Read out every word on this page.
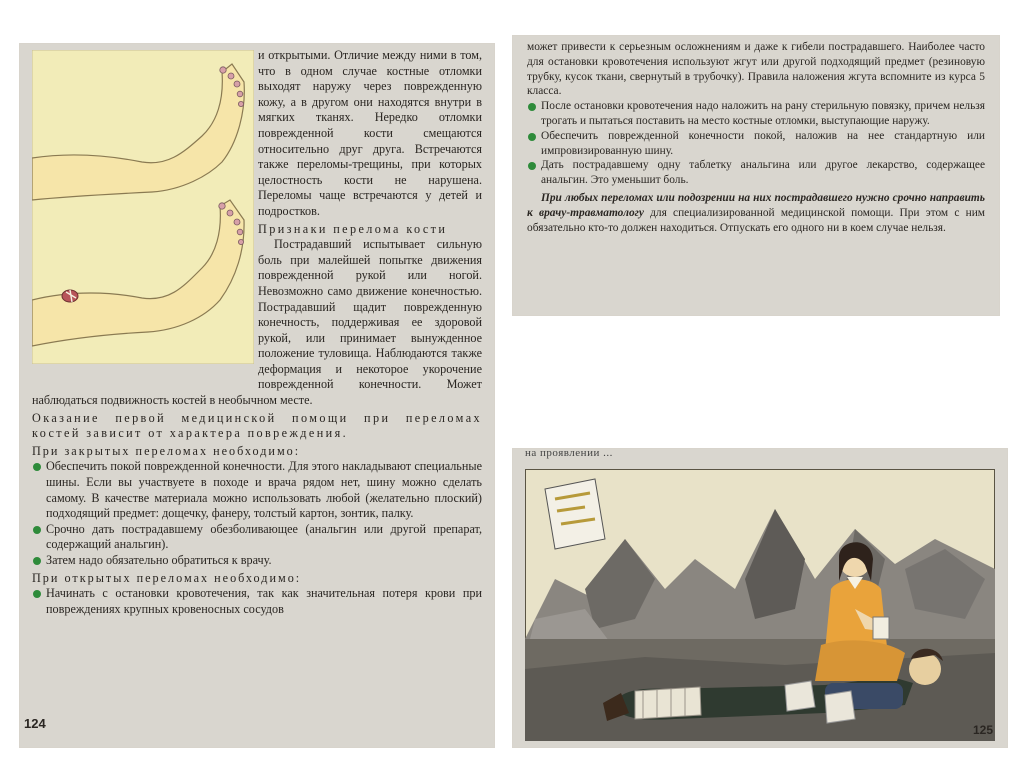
и открытыми. Отличие между ними в том, что в одном случае костные отломки выходят наружу через поврежденную кожу, а в другом они находятся внутри в мягких тканях. Нередко отломки поврежденной кости смещаются относительно друг друга. Встречаются также переломы-трещины, при которых целостность кости не нарушена. Переломы чаще встречаются у детей и подростков.

Признаки перелома кости

Пострадавший испытывает сильную боль при малейшей попытке движения поврежденной рукой или ногой. Невозможно само движение конечностью. Пострадавший щадит поврежденную конечность, поддерживая ее здоровой рукой, или принимает вынужденное положение туловища. Наблюдаются также деформация и некоторое укорочение поврежденной конечности. Может наблюдаться подвижность костей в необычном месте.

Оказание первой медицинской помощи при переломах костей зависит от характера повреждения.

При закрытых переломах необходимо:

Обеспечить покой поврежденной конечности. Для этого накладывают специальные шины. Если вы участвуете в походе и врача рядом нет, шину можно сделать самому. В качестве материала можно использовать любой (желательно плоский) подходящий предмет: дощечку, фанеру, толстый картон, зонтик, палку.

Срочно дать пострадавшему обезболивающее (анальгин или другой препарат, содержащий анальгин).

Затем надо обязательно обратиться к врачу.

При открытых переломах необходимо:

Начинать с остановки кровотечения, так как значительная потеря крови при повреждениях крупных кровеносных сосудов

124

может привести к серьезным осложнениям и даже к гибели пострадавшего. Наиболее часто для остановки кровотечения используют жгут или другой подходящий предмет (резиновую трубку, кусок ткани, свернутый в трубочку). Правила наложения жгута вспомните из курса 5 класса.

После остановки кровотечения надо наложить на рану стерильную повязку, причем нельзя трогать и пытаться поставить на место костные отломки, выступающие наружу.

Обеспечить поврежденной конечности покой, наложив на нее стандартную или импровизированную шину.

Дать пострадавшему одну таблетку анальгина или другое лекарство, содержащее анальгин. Это уменьшит боль.

При любых переломах или подозрении на них пострадавшего нужно срочно направить к врачу-травматологу для специализированной медицинской помощи. При этом с ним обязательно кто-то должен находиться. Отпускать его одного ни в коем случае нельзя.

на проявлении ...
125
